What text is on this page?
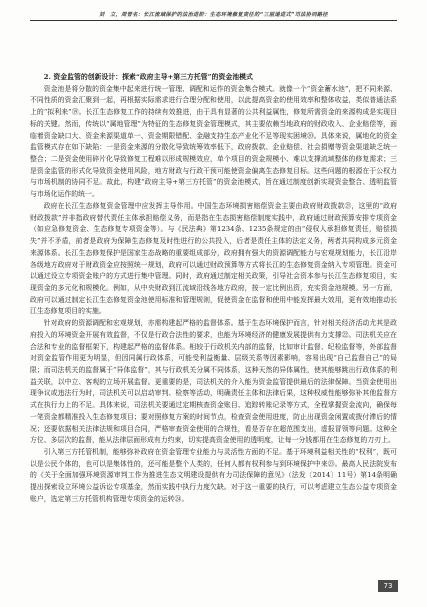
刘　立，周晋名：长江流域保护的法治进阶：生态环境修复责任的“三屋递进式”司法协同路径
2. 资金监管的创新设计：探索“政府主导+第三方托管”的资金池模式

资金池是将分散的资金集中起来进行统一管理、调配和运作的资金集合模式。就像一个“资金蓄水池”，把不同来源、不同性质的资金汇聚到一起，再根据实际需求进行合理分配和使用，以此提高资金的使用效率和整体收益，类似普通法系上的“拟利来”⑲。长江生态修复工作的持续有效推进，由于具有显著的公共利益属性，修复所需资金的来源构成是实现目标的关键。然而，传统以“属地管理”为特征的生态修复资金管理模式，其主要依赖当地政府的财政收入、企业赔偿等，面临着资金缺口大、资金来源渠道单一、资金期限错配、金融支持生态产业化不足等现实困境⑳。具体来说，属地化的资金监管模式存在如下缺陷：一是资金来源的分散化导致统筹效率低下，政府拨款、企业赔偿、社会捐赠等资金渠道缺乏统一整合；二是资金使用碎片化导致修复工程难以形成规模效应，单个项目的资金规模小、难以支撑流域整体的修复需求；三是资金监管的形式化导致资金使用风险，地方财政与行政干预可能使资金偏离生态修复目标。这些问题的根源在于公权力与市场机制的协同不足。故此，构建“政府主导+第三方托管”的资金池模式，旨在通过制度创新实现资金整合、透明监管与市场化运作的统一。

政府在长江生态修复资金管理中应发挥主导作用。中国生态环境损害赔偿资金主要由政府财政拨款㉑，这里的“政府财政拨款”并非指政府替代责任主体承担赔偿义务，而是指在生态损害赔偿制度实践中，政府通过财政预算安排专项资金（如应急修复资金、生态修复专项资金等）。与《民法典》第1234条、1235条规定的由“侵权人承担修复责任，赔偿损失”并不矛盾，前者是政府为保障生态修复及时性进行的公共投入，后者是责任主体的法定义务，两者共同构成多元资金来源体系。长江生态修复保护是国家生态战略的重要组成部分，政府拥有强大的资源调配能力与宏观规划能力，长江沿岸各级地方政府对于财政资金应按照统一规划，政府可以通过财政预算等方式将长江的生态修复资金纳入专项管理。资金可以通过设立专项资金账户的方式进行集中管理。同时，政府通过制定相关政策，引导社会资本参与长江生态修复项目，实现资金的多元化和规模化。例如，从中央财政到江流域沿线各地方政府，按一定比例出资，充实资金池规模。另一方面，政府可以通过制定长江生态修复资金池使用标准和管理规则，促使资金在监督和使用中能发挥最大效用，更有效地推动长江生态修复项目的实施。

针对政府的资源调配和宏观规划，亦需构建起严格的监督体系。基于生态环境保护而言，针对相关经济活动尤其是政府投入的环境资金开展有效监督，不仅是行政合法性的要求，也能为环境经济的健康发展提供有力支撑㉒。司法机关应在合法和专业的监督框架下，构建起严格的监督体系。相较于行政机关内部的监督，比如审计监督、纪检监督等，外部监督对资金监管作用更为明显，但因同属行政体系，可能受利益衡量、层级关系等因素影响，容易出现“自己监督自己”的局限；而司法机关的监督属于“异体监督”，其与行政机关分属不同体系，这种天然的异体属性，使其能够跳出行政体系的利益关联，以中立、客观的立场开展监督。更重要的是，司法机关的介入能为资金监管提供最后的法律保障。当资金使用出现争议或违法行为时，司法机关可以启动审判、检察等活动，明确责任主体和法律后果，这种权威性能够弥补其他监督方式在执行力上的不足。具体来说，司法机关要通过定期核查资金账目、追踪转账记录等方式，全程掌握资金流向，确保每一笔资金都精准投入生态修复项目；要对照修复方案的时间节点，检查资金使用进度，防止出现资金闲置或拨付滞后的情况；还要依据相关法律法规和项目合同，严格审查资金使用的合规性，看是否存在超范围支出，虚报冒领等问题。这种全方位、多层次的监督，能从法律层面形成有力约束，切实提高资金使用的透明度，让每一分钱都用在生态修复的刀刃上。

引入第三方托管机制，能够弥补政府在资金管理专业能力与灵活性方面的不足。基于环境利益相关性的“权利”，既可以是公民个体的，也可以是集体性的，还可能是整个人类的，任何人都有权利参与到环境保护中来㉓。最高人民法院发布的《关于全面加强环境资源审判工作为推进生态文明建设提供有力司法保障的意见》（法发〔2014〕11号）第14条明确提出探索设立环境公益诉讼专项基金，然而实践中执行力度欠缺。对于这一重要的执行，可以考虑建立生态公益专项资金账户，选定第三方托管机构管理专项资金的运转㉔。

73
